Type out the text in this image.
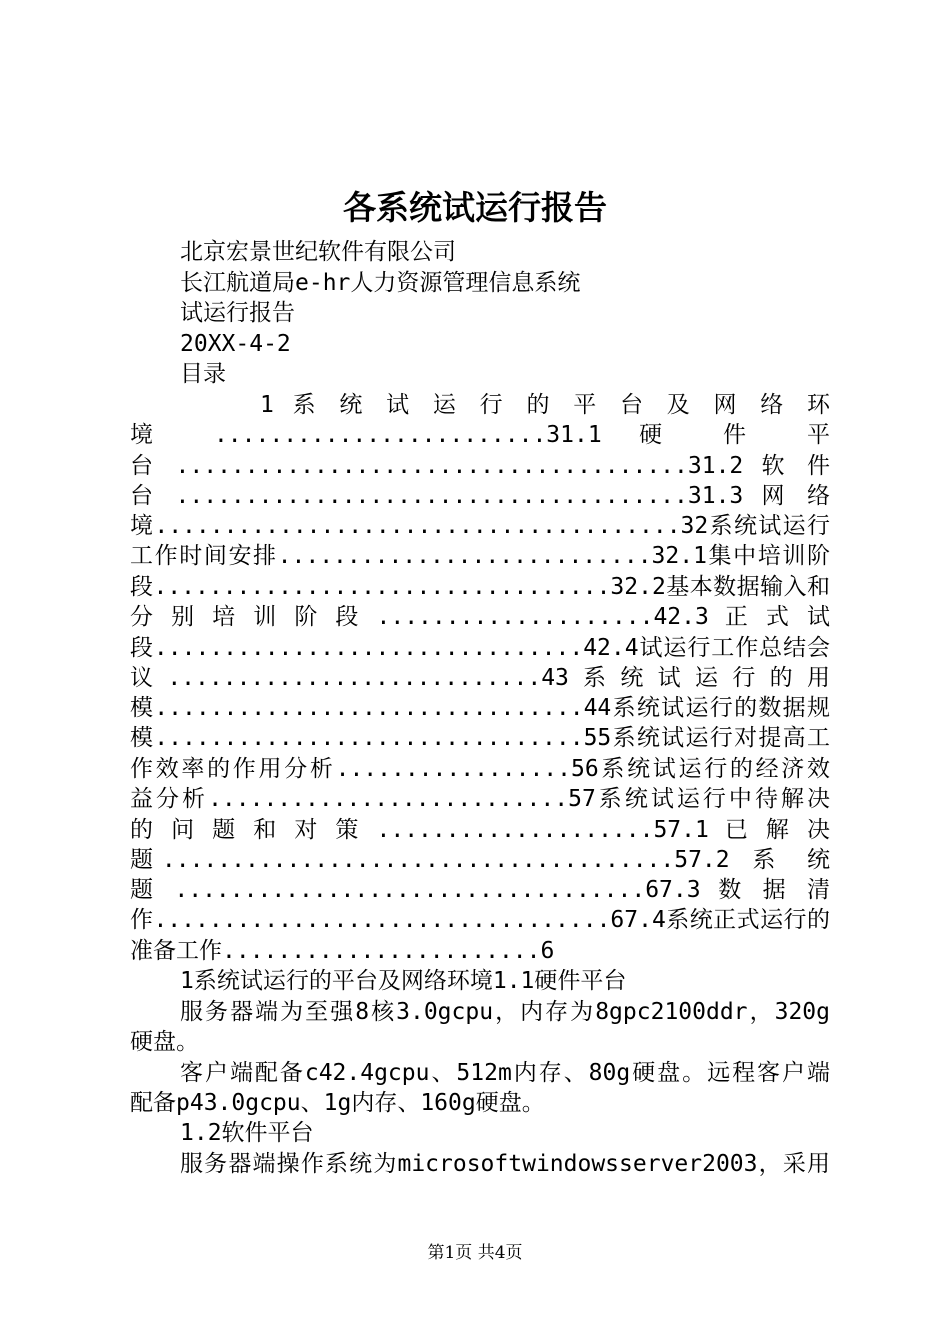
各系统试运行报告
北京宏景世纪软件有限公司
长江航道局e-hr人力资源管理信息系统
试运行报告
20XX-4-2
目录
1 系 统 试 运 行 的 平 台 及 网 络 环
境 ........................31.1 硬 件 平
台 .....................................31.2 软 件
台 .....................................31.3 网 络
境......................................32系统试运行
工作时间安排...........................32.1集中培训阶
段.................................32.2基本数据输入和
分 别 培 训 阶 段 ....................42.3 正 式 试
段...............................42.4试运行工作总结会
议 ...........................43 系 统 试 运 行 的 用
模...............................44系统试运行的数据规
模...............................55系统试运行对提高工
作效率的作用分析.................56系统试运行的经济效
益分析..........................57系统试运行中待解决
的 问 题 和 对 策 ....................57.1 已 解 决
题.....................................57.2 系 统
题 ..................................67.3 数 据 清
作.................................67.4系统正式运行的
准备工作.......................6
1系统试运行的平台及网络环境1.1硬件平台
服务器端为至强8核3.0gcpu，内存为8gpc2100ddr，320g
硬盘。
客户端配备c42.4gcpu、512m内存、80g硬盘。远程客户端
配备p43.0gcpu、1g内存、160g硬盘。
1.2软件平台
服务器端操作系统为microsoftwindowsserver2003，采用
第1页 共4页
